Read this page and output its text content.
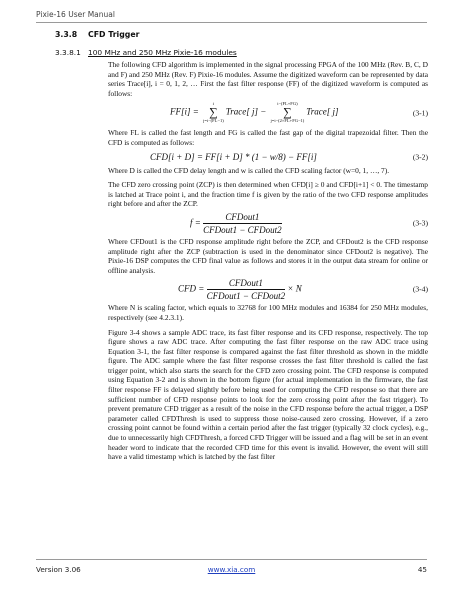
Pixie-16 User Manual
3.3.8 CFD Trigger
3.3.8.1 100 MHz and 250 MHz Pixie-16 modules

The following CFD algorithm is implemented in the signal processing FPGA of the 100 MHz (Rev. B, C, D and F) and 250 MHz (Rev. F) Pixie-16 modules. Assume the digitized waveform can be represented by data series Trace[i], i = 0, 1, 2, … First the fast filter response (FF) of the digitized waveform is computed as follows:

FF[i] =
i
∑
j=i−(FL−1)
Trace[ j] −
i−(FL+FG)
∑
j=i−(2×FL+FG−1)
Trace[ j]	(3-1)

Where FL is called the fast length and FG is called the fast gap of the digital trapezoidal filter. Then the CFD is computed as follows:

CFD[i + D] = FF[i + D] * (1 − w/8) − FF[i]	(3-2)

Where D is called the CFD delay length and w is called the CFD scaling factor (w=0, 1, …, 7).

The CFD zero crossing point (ZCP) is then determined when CFD[i] ≥ 0 and CFD[i+1] < 0. The timestamp is latched at Trace point i, and the fraction time f is given by the ratio of the two CFD response amplitudes right before and after the ZCP.

$f = \frac{\text{CFDout1}}{\text{CFDout1 − CFDout2}}$	(3-3)

Where CFDout1 is the CFD response amplitude right before the ZCP, and CFDout2 is the CFD response amplitude right after the ZCP (subtraction is used in the denominator since CFDout2 is negative). The Pixie-16 DSP computes the CFD final value as follows and stores it in the output data stream for online or offline analysis.

CFD = $\frac{\text{CFDout1}}{\text{CFDout1 − CFDout2}} \times N$	(3-4)

Where N is scaling factor, which equals to 32768 for 100 MHz modules and 16384 for 250 MHz modules, respectively (see 4.2.3.1).

Figure 3-4 shows a sample ADC trace, its fast filter response and its CFD response, respectively. The top figure shows a raw ADC trace. After computing the fast filter response on the raw ADC trace using Equation 3-1, the fast filter response is compared against the fast filter threshold as shown in the middle figure. The ADC sample where the fast filter response crosses the fast filter threshold is called the fast trigger point, which also starts the search for the CFD zero crossing point. The CFD response is computed using Equation 3-2 and is shown in the bottom figure (for actual implementation in the firmware, the fast filter response FF is delayed slightly before being used for computing the CFD response so that there are sufficient number of CFD response points to look for the zero crossing point after the fast trigger). To prevent premature CFD trigger as a result of the noise in the CFD response before the actual trigger, a DSP parameter called CFDThresh is used to suppress those noise-caused zero crossing. However, if a zero crossing point cannot be found within a certain period after the fast trigger (typically 32 clock cycles), e.g., due to unnecessarily high CFDThresh, a forced CFD Trigger will be issued and a flag will be set in an event header word to indicate that the recorded CFD time for this event is invalid. However, the event will still have a valid timestamp which is latched by the fast filter

Version 3.06	www.xia.com	45
